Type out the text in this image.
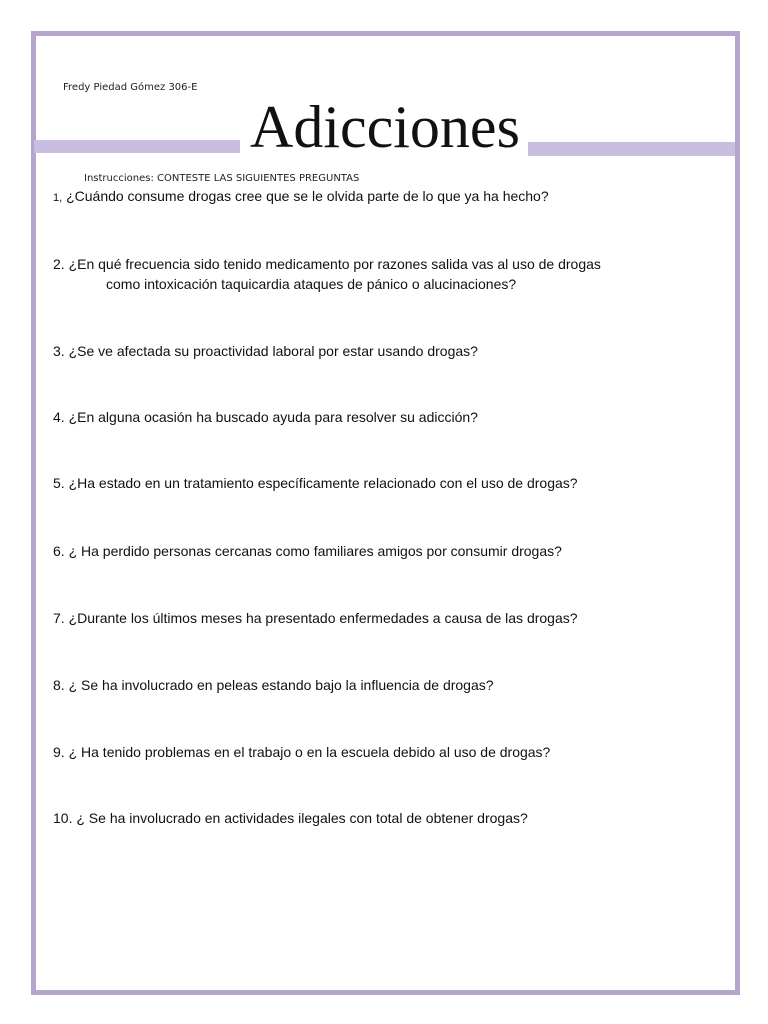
Fredy Piedad Gómez 306-E
Adicciones
Instrucciones: CONTESTE LAS SIGUIENTES PREGUNTAS
1, ¿Cuándo consume drogas cree que se le olvida parte de lo que ya ha hecho?
2. ¿En qué frecuencia sido tenido medicamento por razones salida vas al uso de drogas
como intoxicación taquicardia ataques de pánico o alucinaciones?
3. ¿Se ve afectada su proactividad laboral por estar usando drogas?
4. ¿En alguna ocasión ha buscado ayuda para resolver su adicción?
5. ¿Ha estado en un tratamiento específicamente relacionado con el uso de drogas?
6. ¿ Ha perdido personas cercanas como familiares amigos por consumir drogas?
7. ¿Durante los últimos meses ha presentado enfermedades a causa de las drogas?
8. ¿ Se ha involucrado en peleas estando bajo la influencia de drogas?
9. ¿ Ha tenido problemas en el trabajo o en la escuela debido al uso de drogas?
10. ¿ Se ha involucrado en actividades ilegales con total de obtener drogas?
